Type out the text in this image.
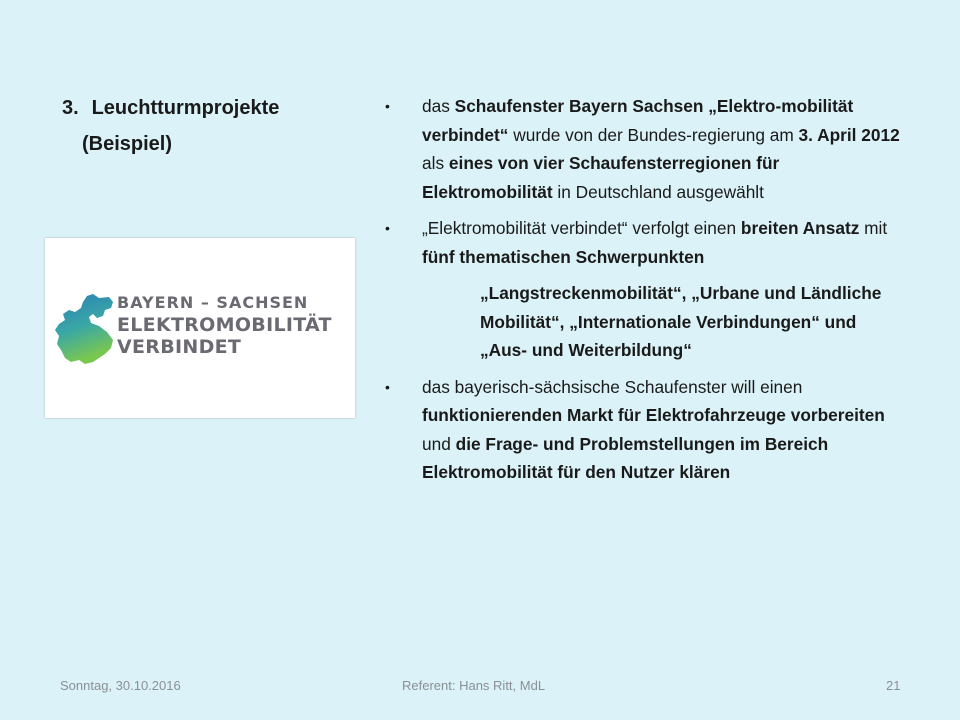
3. Leuchtturmprojekte
(Beispiel)
BAYERN – SACHSEN
ELEKTROMOBILITÄT
VERBINDET
• das Schaufenster Bayern Sachsen „Elektro-mobilität verbindet“ wurde von der Bundes-regierung am 3. April 2012 als eines von vier Schaufensterregionen für Elektromobilität in Deutschland ausgewählt
• „Elektromobilität verbindet“ verfolgt einen breiten Ansatz mit fünf thematischen Schwerpunkten
„Langstreckenmobilität“, „Urbane und Ländliche Mobilität“, „Internationale Verbindungen“ und „Aus- und Weiterbildung“
• das bayerisch-sächsische Schaufenster will einen funktionierenden Markt für Elektrofahrzeuge vorbereiten und die Frage- und Problemstellungen im Bereich Elektromobilität für den Nutzer klären
Sonntag, 30.10.2016	Referent: Hans Ritt, MdL	21
